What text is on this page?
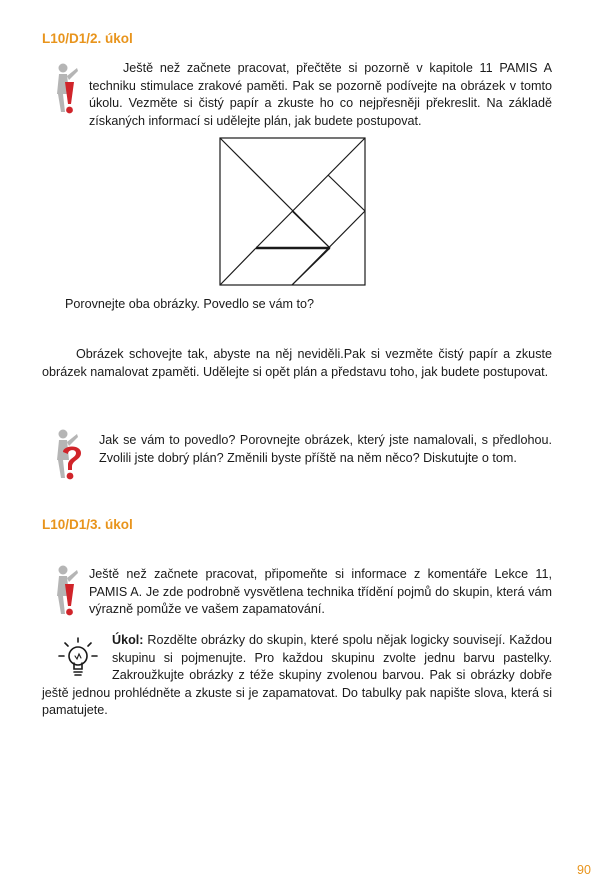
L10/D1/2. úkol
Ještě než začnete pracovat, přečtěte si pozorně v kapitole 11 PAMIS A techniku stimulace zrakové paměti. Pak se pozorně podívejte na obrázek v tomto úkolu. Vezměte si čistý papír a zkuste ho co nejpřesněji překreslit. Na základě získaných informací si udělejte plán, jak budete postupovat.
Porovnejte oba obrázky. Povedlo se vám to?
Obrázek schovejte tak, abyste na něj neviděli.Pak si vezměte čistý papír a zkuste obrázek namalovat zpaměti. Udělejte si opět plán a představu toho, jak budete postupovat.
Jak se vám to povedlo? Porovnejte obrázek, který jste namalovali, s předlohou. Zvolili jste dobrý plán? Změnili byste příště na něm něco? Diskutujte o tom.
L10/D1/3. úkol
Ještě než začnete pracovat, připomeňte si informace z komentáře Lekce 11, PAMIS A. Je zde podrobně vysvětlena technika třídění pojmů do skupin, která vám výrazně pomůže ve vašem zapamatování.
Úkol: Rozdělte obrázky do skupin, které spolu nějak logicky souvisejí. Každou skupinu si pojmenujte. Pro každou skupinu zvolte jednu barvu pastelky. Zakroužkujte obrázky z téže skupiny zvolenou barvou. Pak si obrázky dobře ještě jednou prohlédněte a zkuste si je zapamatovat. Do tabulky pak napište slova, která si pamatujete.
90
